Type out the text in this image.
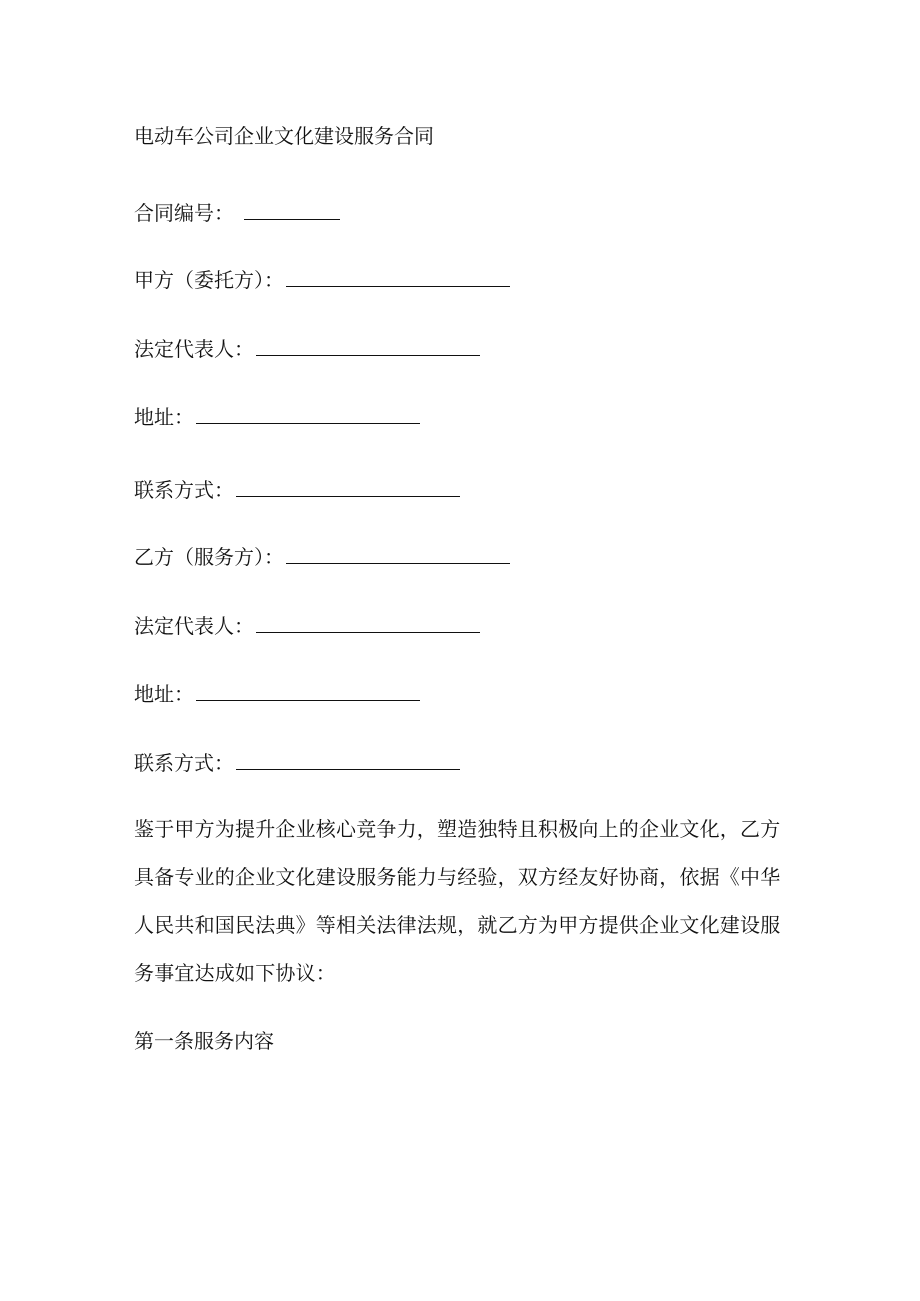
电动车公司企业文化建设服务合同
合同编号：
甲方（委托方）：
法定代表人：
地址：
联系方式：
乙方（服务方）：
法定代表人：
地址：
联系方式：
鉴于甲方为提升企业核心竞争力，塑造独特且积极向上的企业文化，乙方
具备专业的企业文化建设服务能力与经验，双方经友好协商，依据《中华
人民共和国民法典》等相关法律法规，就乙方为甲方提供企业文化建设服
务事宜达成如下协议：
第一条服务内容
